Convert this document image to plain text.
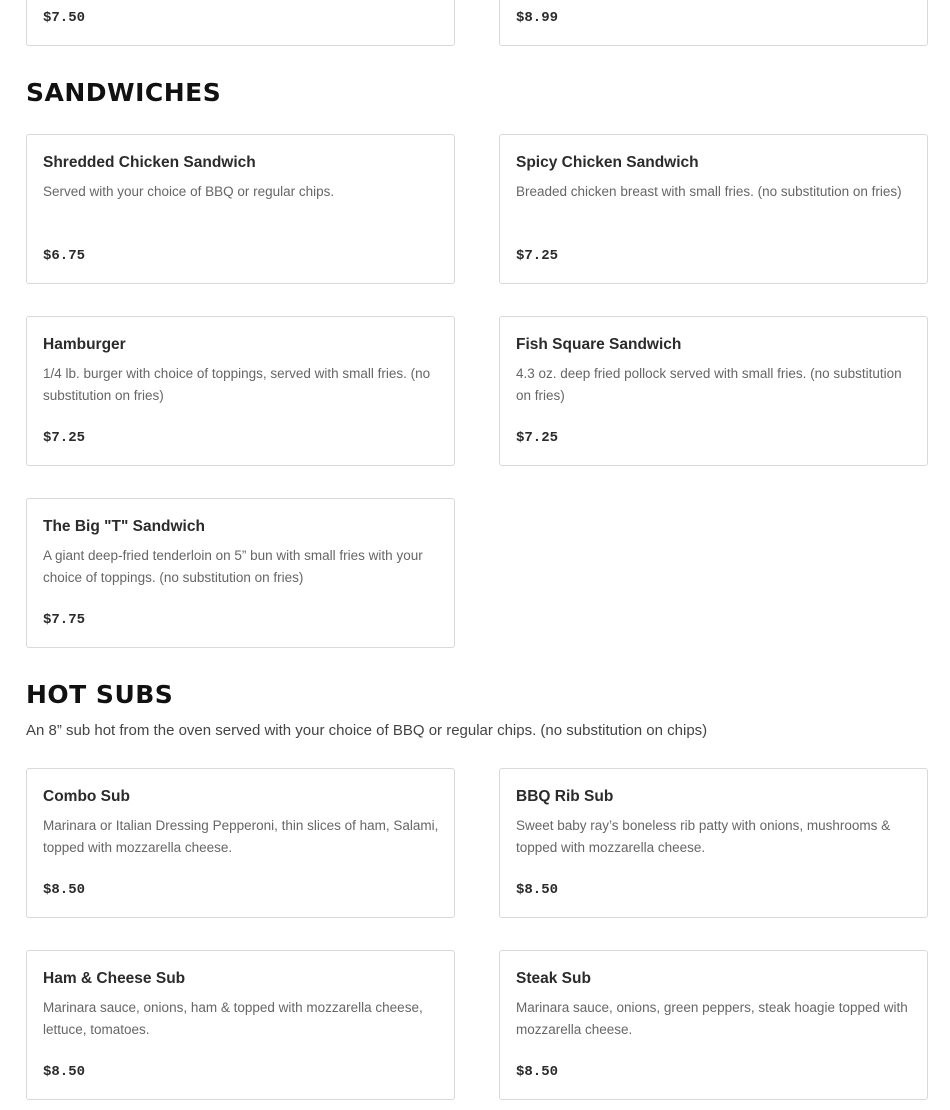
$7.50	$8.99
SANDWICHES
Shredded Chicken Sandwich
Served with your choice of BBQ or regular chips.
$6.75
Spicy Chicken Sandwich
Breaded chicken breast with small fries. (no substitution on fries)
$7.25
Hamburger
1/4 lb. burger with choice of toppings, served with small fries. (no substitution on fries)
$7.25
Fish Square Sandwich
4.3 oz. deep fried pollock served with small fries. (no substitution on fries)
$7.25
The Big "T" Sandwich
A giant deep-fried tenderloin on 5” bun with small fries with your choice of toppings. (no substitution on fries)
$7.75
HOT SUBS

An 8” sub hot from the oven served with your choice of BBQ or regular chips. (no substitution on chips)

Combo Sub
Marinara or Italian Dressing Pepperoni, thin slices of ham, Salami, topped with mozzarella cheese.
$8.50
BBQ Rib Sub
Sweet baby ray’s boneless rib patty with onions, mushrooms & topped with mozzarella cheese.
$8.50
Ham & Cheese Sub
Marinara sauce, onions, ham & topped with mozzarella cheese, lettuce, tomatoes.
$8.50
Steak Sub
Marinara sauce, onions, green peppers, steak hoagie topped with mozzarella cheese.
$8.50
